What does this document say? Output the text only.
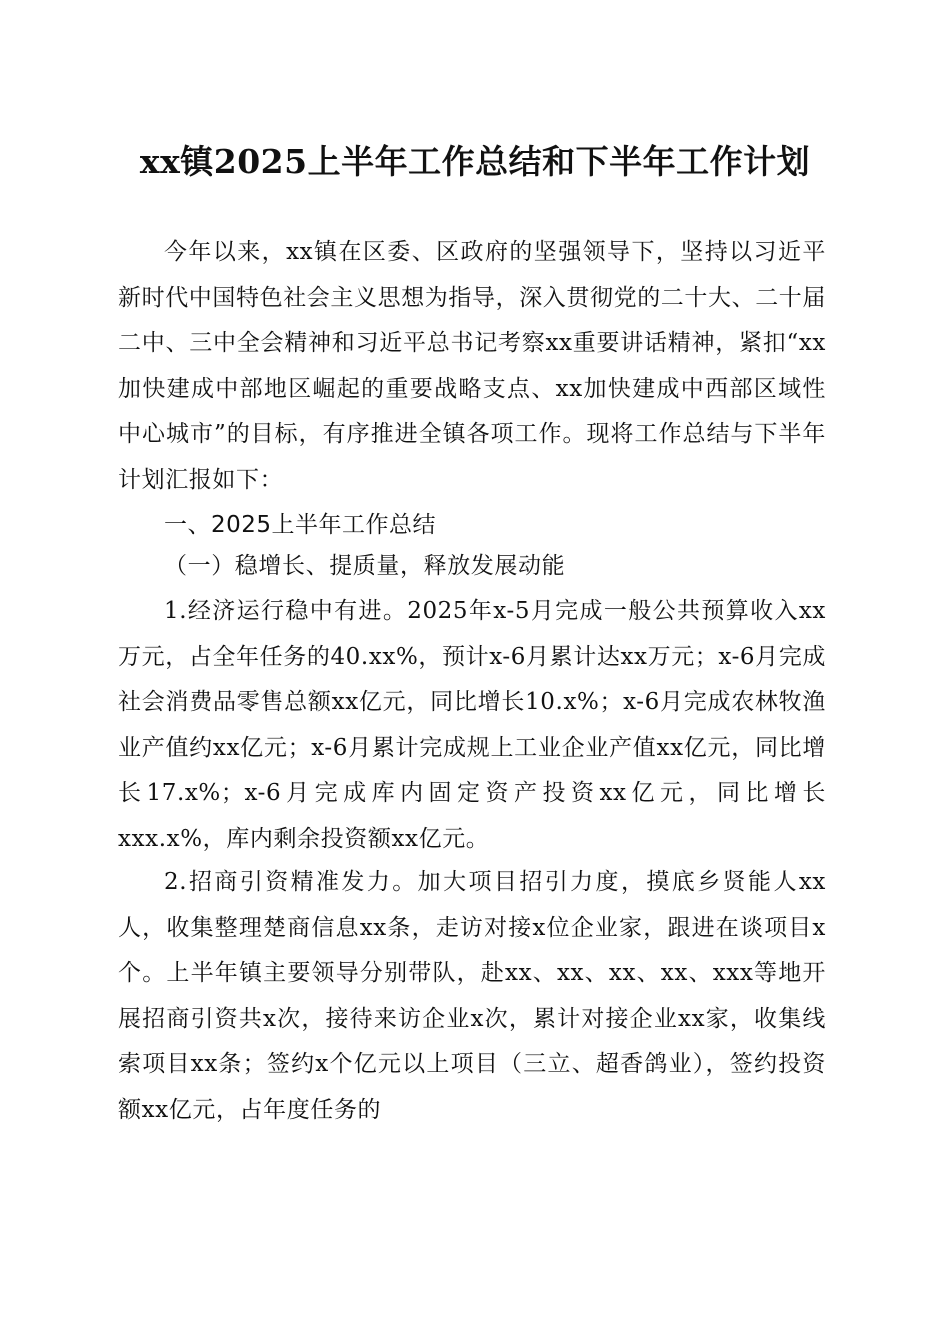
xx镇2025上半年工作总结和下半年工作计划

今年以来，xx镇在区委、区政府的坚强领导下，坚持以习近平新时代中国特色社会主义思想为指导，深入贯彻党的二十大、二十届二中、三中全会精神和习近平总书记考察xx重要讲话精神，紧扣“xx加快建成中部地区崛起的重要战略支点、xx加快建成中西部区域性中心城市”的目标，有序推进全镇各项工作。现将工作总结与下半年计划汇报如下：

一、2025上半年工作总结

（一）稳增长、提质量，释放发展动能

1.经济运行稳中有进。2025年x-5月完成一般公共预算收入xx万元，占全年任务的40.xx%，预计x-6月累计达xx万元；x-6月完成社会消费品零售总额xx亿元，同比增长10.x%；x-6月完成农林牧渔业产值约xx亿元；x-6月累计完成规上工业企业产值xx亿元，同比增长17.x%；x-6月完成库内固定资产投资xx亿元，同比增长xxx.x%，库内剩余投资额xx亿元。

2.招商引资精准发力。加大项目招引力度，摸底乡贤能人xx人，收集整理楚商信息xx条，走访对接x位企业家，跟进在谈项目x个。上半年镇主要领导分别带队，赴xx、xx、xx、xx、xxx等地开展招商引资共x次，接待来访企业x次，累计对接企业xx家，收集线索项目xx条；签约x个亿元以上项目（三立、超香鸽业），签约投资额xx亿元，占年度任务的
